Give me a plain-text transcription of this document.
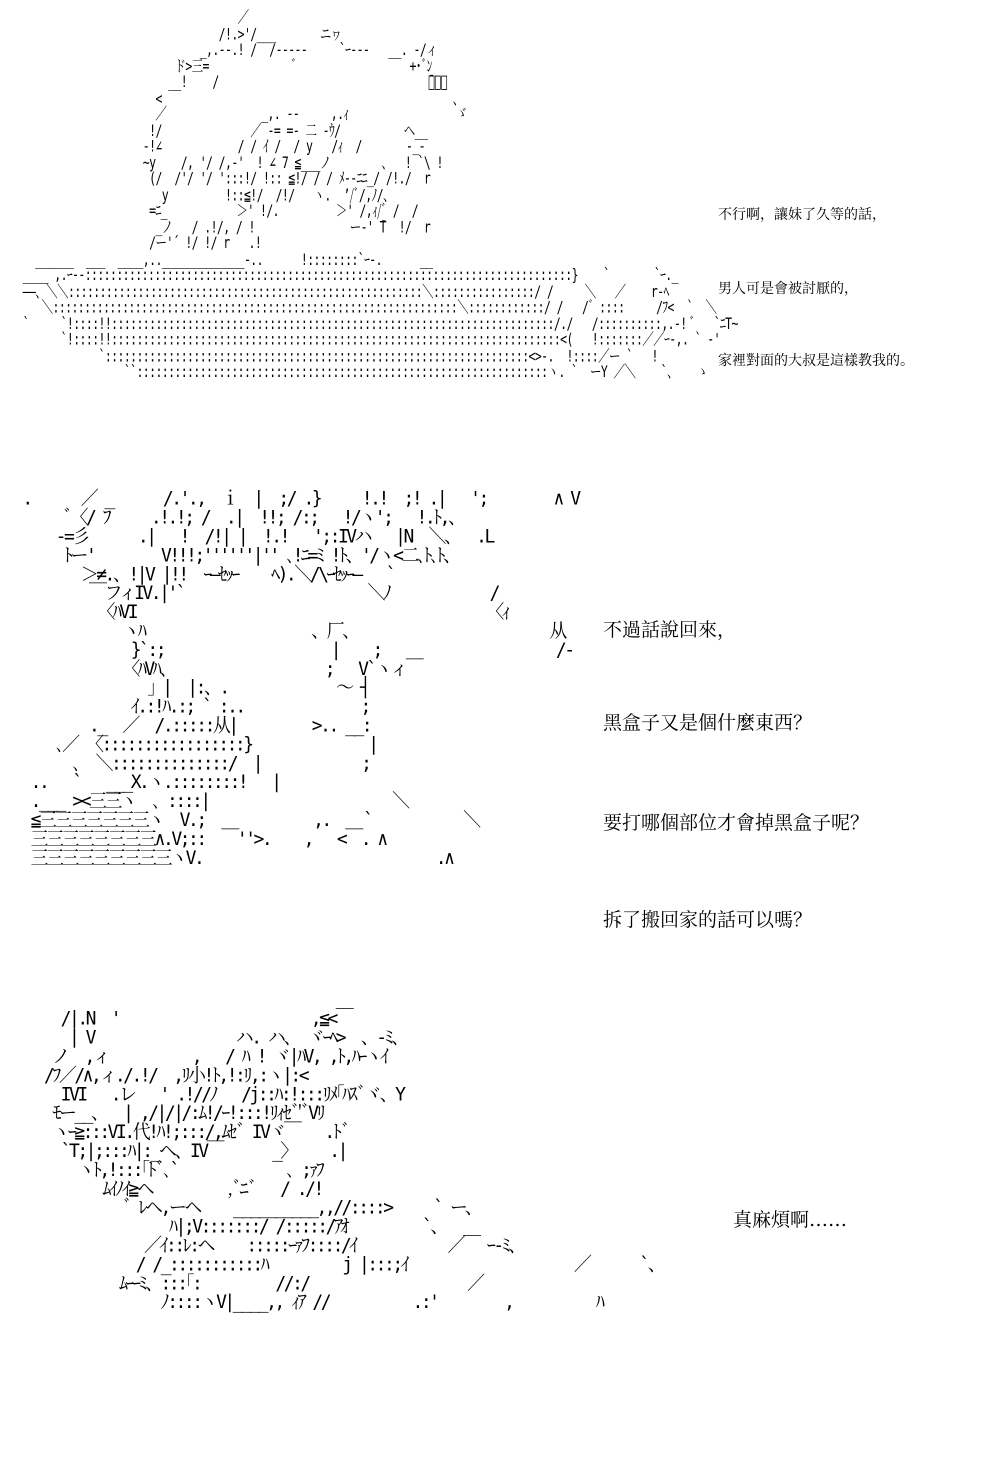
／
/!.>'/___       ニヮ
_,.--.! /  /‐‐‐‐-     `ｰ---   __. -/ィ
ド>三=             ゛                 +･ﾞﾝ
__!    /                                 ̄ﾞ、、
<                                              、
／               _,. -‐     ,.ｨ                 ゞ
!/              ／ ‐= =‐ 二 -ｳ/          ヘ__
-!∠            / / ｲ /  / y   /ｨ  /       -_‐
~y    /, '/ /,-'  ! ∠ 7 ≦___ノ        、  ! `\ !
(/  /'/ '/ ':::!/ !:: ≦!/ / / ﾒ--ﾆﾆ_/ /!./  r
y         !::≦!/  /!/   ヽ.  ’/ﾞ/,ﾉ/、
=ﾆ_           ＞' !/.         ＞' /,ｨ/ﾞ /  /
_ノ   / .!/, / !               ー‐' ̄T  !/  r
/ー'´ !/ !/ r   .!
______  ___  ____,.._____________-..      !::::::::`ｰ-.      __
____ ,.ｰ--:::::::::::::::::::::::::::::::::::::::::::::::::::::::::::::::::::::::::::::}    `       `ｰ._
――、＼＼::::::::::::::::::::::::::::::::::::::::::::::::::::::::＼::::::::::::::::/ /     ＼   ／    r-ﾍ
＼::::::::::::::::::::::::::::::::::::::::::::::::::::::::::::::::＼::::::::::::/ /   /゛::::     /ﾌ<  `  ＼
`     `!::::!!::::::::::::::::::::::::::::::::::::::::::::::::::::::::::::::::::::::/./   /::::::::::,.-! ﾞ   `ﾆT~
`!::::!!:::::::::::::::::::::::::::::::::::::::::::::::::::::::::::::::::::::::<(   !:::::::／／ｰ-,. ` ‐'
`:::::::::::::::::::::::::::::::::::::::::::::::::::::::::::::::::::<>-.  !::::／ー `   !
``:::::::::::::::::::::::::::::::::::::::::::::::::::::::::::::::::ヽ. `  ーY ／＼    `、   ゝ

不行啊，讓妹了久等的話，

男人可是會被討厭的，

家裡對面的大叔是這樣教我的。

.      ／ _      /.'.,  ｉ  |  ;/ .}     !.!  ;! .|   ';        ∧ V
ﾞ〈/ ﾌ     .!.!; /  .|  !!; /:;   !/ヽ';   !.ﾄ,、
‐=彡      .|   !  /!| |  !.!   ';:IVハ   |N  ＼、  .L
ﾄー'        V!!!;''''''|'' ､!ﾆ=ﾐ !ﾄ、'/ヽ<二､ﾄ､ﾄ、
＞≠.、!|V |!!  ｰ―ｾｯｰ    ﾍ).＼/\ｰｾｯｰ―   `
￣フィIV.|'`                      ＼ﾉ            /
〈ﾊVI                                          〈ｨ
ヽﾊ                    、厂、                       从
}`:;                    |    ;                     /‐
〈ﾊVﾊ、                  ;   V`ヽィ￣
｣ |  |:、.             ～ ┤
ｲ.:!ﾊ.:; ` :..              ;
._  ／  /.:::::从|         >.. __:
､／ 〈:::::::::::::::::}              |
､  ＼::::::::::::::/  |            ;
..   `   ___X.ヽ.::::::::!   |
.___ ><三三ヽ  ､ ::::|                      ＼
≦三三三三三三三ヽ  V.;             ,.    `           ＼
三三三三三三三三∧.V;::  ￣''>.    ,   <￣. ∧
三三三三三三三三三ヽV.                            .∧

不過話說回來，

黑盒子又是個什麼東西？

要打哪個部位才會掉黑盒子呢？

拆了搬回家的話可以嗎？

/|.N  '                       ,≦<￣
| V                 ハ. ハ、 ヾｰﾍ>  、-ﾐ、
ノ  ,ィ          ,   / ﾊ ! ヾ|ﾊV, ,ﾄ,ﾊｰヽｲ
/ﾌ／/∧,ィ./.!/  ,ﾘ小!ﾄ,!:ﾘ,:ヽ|:<
IVI   .レ   ' .!//ﾉ   /j::ﾊ:!:::ﾘﾒ｢ﾊｽﾞヾ、Y
ﾓー__、  | ,/|/|/:ﾑ!/ｰ!:::!ﾘｨｾﾞ'ﾞVﾘ
ヽｰ≧:::VI.代!ﾊ!;:::/,ﾑｾﾞ IVヾ￣   .ﾄﾞ
`T;|;:::ﾊ|:_ヘ、IV￣      _〉    .|
ヽﾄ,!:::｢ﾄﾞ､`             ､ ;ｧﾌ
ﾑｲﾉｲ≧ヘ         ,ﾞﾆﾞ   / ./!
ﾞ ﾚヘ,ーヘ    __________,,//::::>     ` ー、
ﾊ|;V:::::::/ /:::::/ｱｵ         `、
／ｲ::ﾚ:ヘ    :::::ｰｧﾌ::::/ｲ           ／￣ ｰ-ﾐ、
/ /_:::::::::::ﾊ         j |:::;ｲ                    ／      `、
ﾑｰｰﾐ、:::｢:         //:/                   ／
ﾉ::::ヽV|____,, ｨｱ //          .:'        ,          ﾊ

真麻煩啊……
